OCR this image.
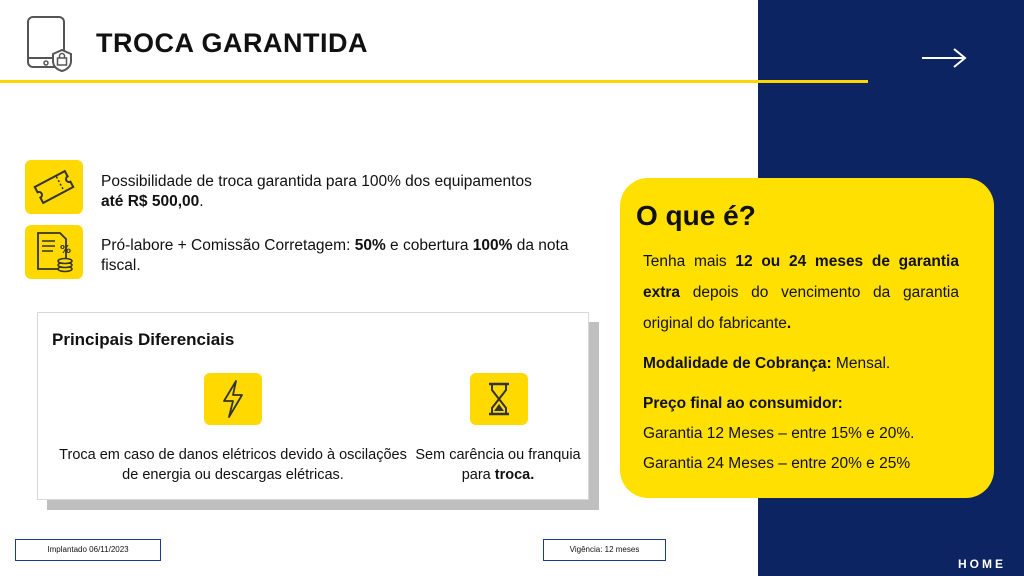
TROCA GARANTIDA
Possibilidade de troca garantida para 100% dos equipamentos
até R$ 500,00.
% Pró-labore + Comissão Corretagem: 50% e cobertura 100% da nota fiscal.
Principais Diferenciais
Troca em caso de danos elétricos devido à oscilações de energia ou descargas elétricas.
Sem carência ou franquia para troca.
O que é?
Tenha mais 12 ou 24 meses de garantia extra depois do vencimento da garantia original do fabricante.
Modalidade de Cobrança: Mensal.
Preço final ao consumidor:
Garantia 12 Meses – entre 15% e 20%.
Garantia 24 Meses – entre 20% e 25%
Implantado 06/11/2023	Vigência: 12 meses
HOME
